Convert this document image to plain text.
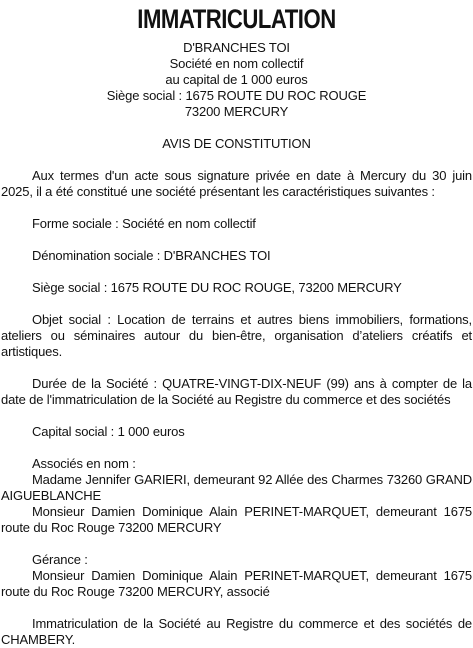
IMMATRICULATION

D'BRANCHES TOI
Société en nom collectif
au capital de 1 000 euros
Siège social : 1675 ROUTE DU ROC ROUGE
73200 MERCURY

AVIS DE CONSTITUTION

Aux termes d'un acte sous signature privée en date à Mercury du 30 juin 2025, il a été constitué une société présentant les caractéristiques suivantes :

Forme sociale : Société en nom collectif

Dénomination sociale : D'BRANCHES TOI

Siège social : 1675 ROUTE DU ROC ROUGE, 73200 MERCURY

Objet social : Location de terrains et autres biens immobiliers, formations, ateliers ou séminaires autour du bien-être, organisation d’ateliers créatifs et artistiques.

Durée de la Société : QUATRE-VINGT-DIX-NEUF (99) ans à compter de la date de l'immatriculation de la Société au Registre du commerce et des sociétés

Capital social : 1 000 euros

Associés en nom :

Madame Jennifer GARIERI, demeurant 92 Allée des Charmes 73260 GRAND AIGUEBLANCHE

Monsieur Damien Dominique Alain PERINET-MARQUET, demeurant 1675 route du Roc Rouge 73200 MERCURY

Gérance :

Monsieur Damien Dominique Alain PERINET-MARQUET, demeurant 1675 route du Roc Rouge 73200 MERCURY, associé

Immatriculation de la Société au Registre du commerce et des sociétés de CHAMBERY.
